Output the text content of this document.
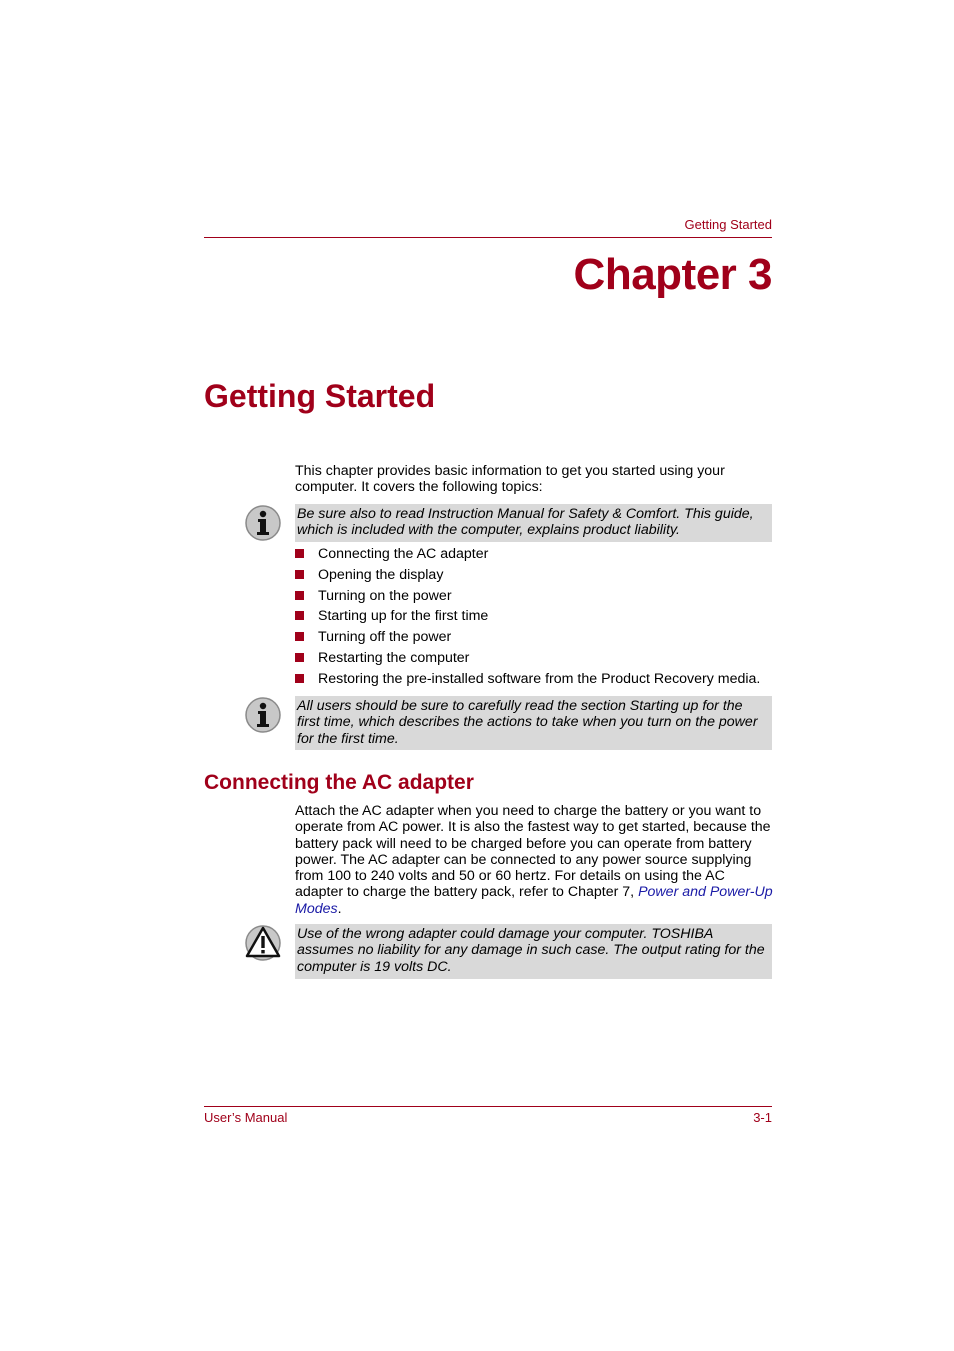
Getting Started
Chapter 3
Getting Started
This chapter provides basic information to get you started using your computer. It covers the following topics:
Be sure also to read Instruction Manual for Safety & Comfort. This guide, which is included with the computer, explains product liability.
Connecting the AC adapter
Opening the display
Turning on the power
Starting up for the first time
Turning off the power
Restarting the computer
Restoring the pre-installed software from the Product Recovery media.
All users should be sure to carefully read the section Starting up for the first time, which describes the actions to take when you turn on the power for the first time.
Connecting the AC adapter
Attach the AC adapter when you need to charge the battery or you want to operate from AC power. It is also the fastest way to get started, because the battery pack will need to be charged before you can operate from battery power. The AC adapter can be connected to any power source supplying from 100 to 240 volts and 50 or 60 hertz. For details on using the AC adapter to charge the battery pack, refer to Chapter 7, Power and Power-Up Modes.
Use of the wrong adapter could damage your computer. TOSHIBA assumes no liability for any damage in such case. The output rating for the computer is 19 volts DC.
User’s Manual	3-1
